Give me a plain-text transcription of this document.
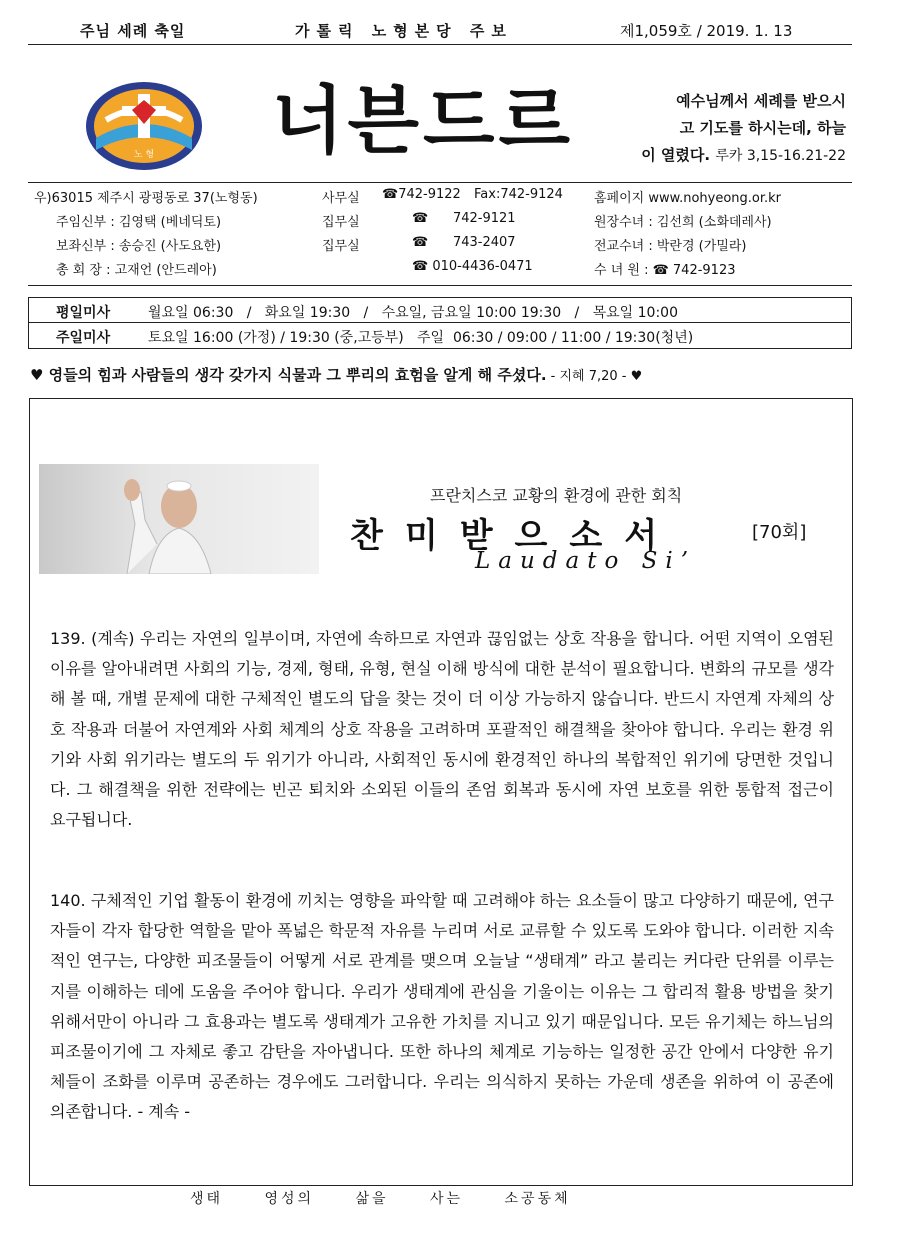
주님 세례 축일	가톨릭 노형본당 주보	제1,059호 / 2019. 1. 13
노 형 너븐드르	예수님께서 세례를 받으시
고 기도를 하시는데, 하늘
이 열렸다. 루카 3,15-16.21-22
우)63015 제주시 광평동로 37(노형동)	사무실 ☎742-9122 Fax:742-9124 홈페이지 www.nohyeong.or.kr
주임신부 : 김영택 (베네딕토)	집무실	☎      742-9121	원장수녀 : 김선희 (소화데레사)
보좌신부 : 송승진 (사도요한)	집무실	☎      743-2407	전교수녀 : 박란경 (가밀라)
총 회 장 : 고재언 (안드레아)	☎ 010-4436-0471	수 녀 원 : ☎ 742-9123
평일미사	월요일 06:30   /   화요일 19:30   /   수요일, 금요일 10:00 19:30   /   목요일 10:00
주일미사	토요일 16:00 (가정) / 19:30 (중,고등부)   주일  06:30 / 09:00 / 11:00 / 19:30(청년)
♥ 영들의 힘과 사람들의 생각 갖가지 식물과 그 뿌리의 효험을 알게 해 주셨다. - 지혜 7,20 - ♥
프란치스코 교황의 환경에 관한 회칙
찬미받으소서	[70회]
Laudato Si’
139. (계속) 우리는 자연의 일부이며, 자연에 속하므로 자연과 끊임없는 상호 작용을 합니다. 어떤 지역이 오염된 이유를 알아내려면 사회의 기능, 경제, 형태, 유형, 현실 이해 방식에 대한 분석이 필요합니다. 변화의 규모를 생각해 볼 때, 개별 문제에 대한 구체적인 별도의 답을 찾는 것이 더 이상 가능하지 않습니다. 반드시 자연계 자체의 상호 작용과 더불어 자연계와 사회 체계의 상호 작용을 고려하며 포괄적인 해결책을 찾아야 합니다. 우리는 환경 위기와 사회 위기라는 별도의 두 위기가 아니라, 사회적인 동시에 환경적인 하나의 복합적인 위기에 당면한 것입니다. 그 해결책을 위한 전략에는 빈곤 퇴치와 소외된 이들의 존엄 회복과 동시에 자연 보호를 위한 통합적 접근이 요구됩니다.
140. 구체적인 기업 활동이 환경에 끼치는 영향을 파악할 때 고려해야 하는 요소들이 많고 다양하기 때문에, 연구자들이 각자 합당한 역할을 맡아 폭넓은 학문적 자유를 누리며 서로 교류할 수 있도록 도와야 합니다. 이러한 지속적인 연구는, 다양한 피조물들이 어떻게 서로 관계를 맺으며 오늘날 “생태계” 라고 불리는 커다란 단위를 이루는지를 이해하는 데에 도움을 주어야 합니다. 우리가 생태계에 관심을 기울이는 이유는 그 합리적 활용 방법을 찾기 위해서만이 아니라 그 효용과는 별도록 생태계가 고유한 가치를 지니고 있기 때문입니다. 모든 유기체는 하느님의 피조물이기에 그 자체로 좋고 감탄을 자아냅니다. 또한 하나의 체계로 기능하는 일정한 공간 안에서 다양한 유기체들이 조화를 이루며 공존하는 경우에도 그러합니다. 우리는 의식하지 못하는 가운데 생존을 위하여 이 공존에 의존합니다. - 계속 -
생태 영성의 삶을 사는 소공동체
